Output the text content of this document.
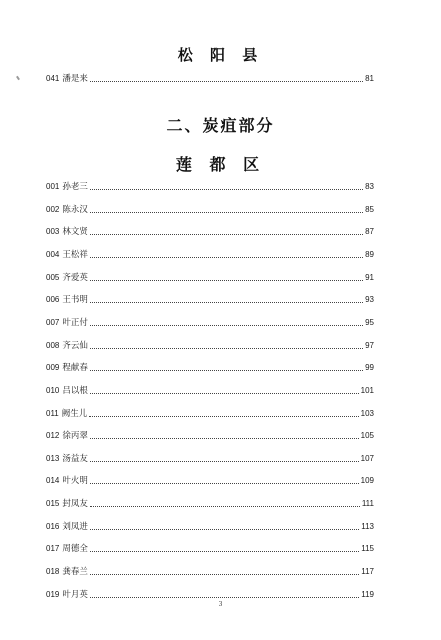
松 阳 县
041 潘是来	81
二、炭疽部分
莲 都 区
001 孙老三	83
002 陈永汉	85
003 林文贤	87
004 王松祥	89
005 齐爱英	91
006 王书明	93
007 叶正付	95
008 齐云仙	97
009 程献春	99
010 吕以根	101
011 阙生儿	103
012 徐丙翠	105
013 汤益友	107
014 叶火明	109
015 封凤友	111
016 刘凤进	113
017 周德全	115
018 龚春兰	117
019 叶月英	119
3
